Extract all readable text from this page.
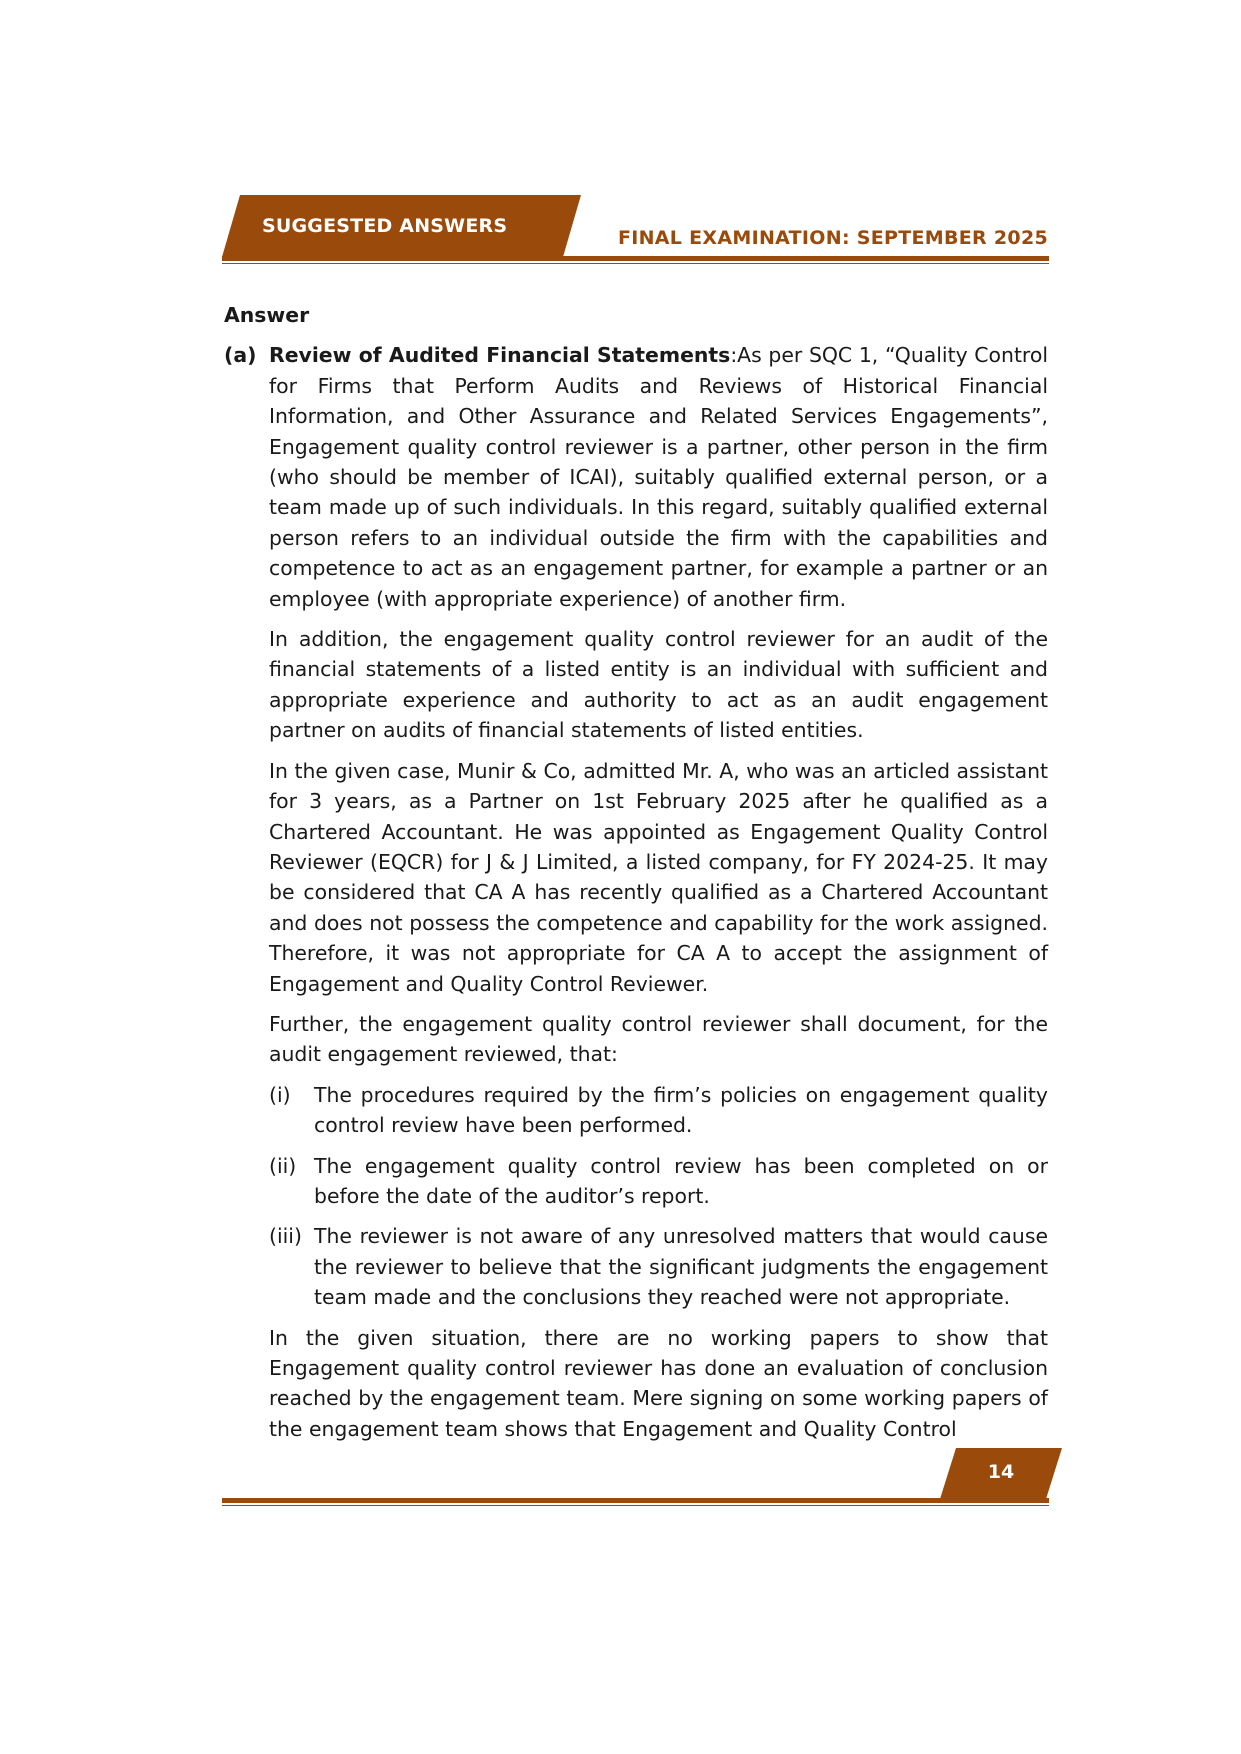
SUGGESTED ANSWERS
FINAL EXAMINATION: SEPTEMBER 2025
Answer
(a) Review of Audited Financial Statements:As per SQC 1, “Quality Control for Firms that Perform Audits and Reviews of Historical Financial Information, and Other Assurance and Related Services Engagements”, Engagement quality control reviewer is a partner, other person in the firm (who should be member of ICAI), suitably qualified external person, or a team made up of such individuals. In this regard, suitably qualified external person refers to an individual outside the firm with the capabilities and competence to act as an engagement partner, for example a partner or an employee (with appropriate experience) of another firm.

In addition, the engagement quality control reviewer for an audit of the financial statements of a listed entity is an individual with sufficient and appropriate experience and authority to act as an audit engagement partner on audits of financial statements of listed entities.

In the given case, Munir & Co, admitted Mr. A, who was an articled assistant for 3 years, as a Partner on 1st February 2025 after he qualified as a Chartered Accountant. He was appointed as Engagement Quality Control Reviewer (EQCR) for J & J Limited, a listed company, for FY 2024-25. It may be considered that CA A has recently qualified as a Chartered Accountant and does not possess the competence and capability for the work assigned. Therefore, it was not appropriate for CA A to accept the assignment of Engagement and Quality Control Reviewer.

Further, the engagement quality control reviewer shall document, for the audit engagement reviewed, that:

(i)	The procedures required by the firm’s policies on engagement quality control review have been performed.
(ii) The engagement quality control review has been completed on or before the date of the auditor’s report.
(iii) The reviewer is not aware of any unresolved matters that would cause the reviewer to believe that the significant judgments the engagement team made and the conclusions they reached were not appropriate.

In the given situation, there are no working papers to show that Engagement quality control reviewer has done an evaluation of conclusion reached by the engagement team. Mere signing on some working papers of the engagement team shows that Engagement and Quality Control

14
